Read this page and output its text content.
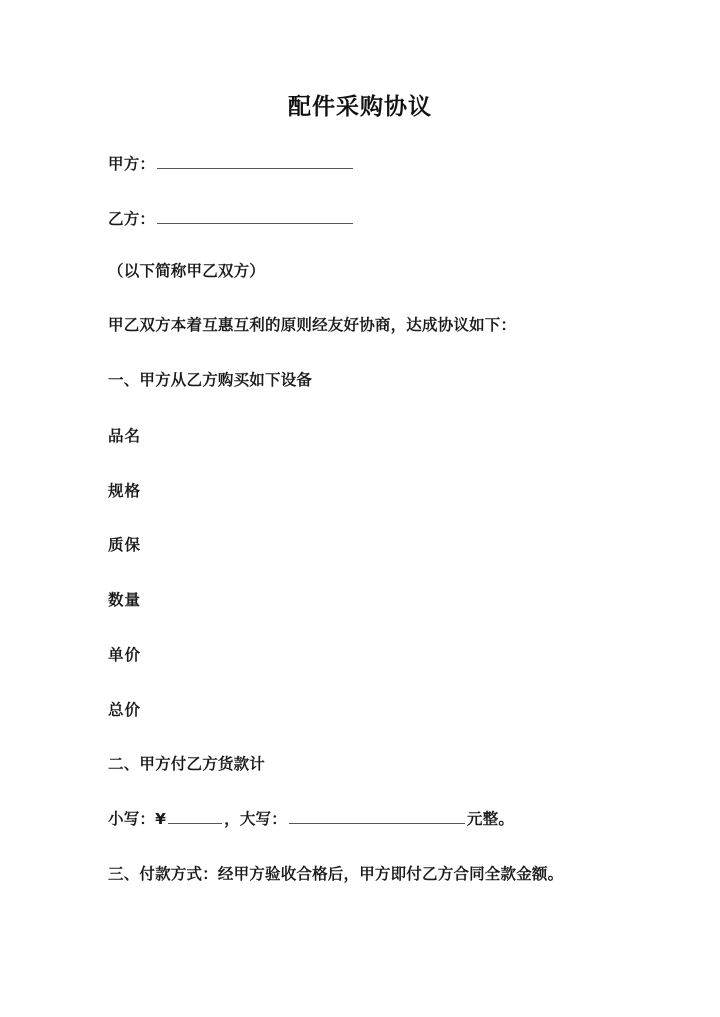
配件采购协议
甲方：
乙方：
（以下简称甲乙双方）
甲乙双方本着互惠互利的原则经友好协商，达成协议如下：
一、甲方从乙方购买如下设备
品名
规格
质保
数量
单价
总价
二、甲方付乙方货款计
小写：¥	，大写：	元整。
三、付款方式：经甲方验收合格后，甲方即付乙方合同全款金额。
